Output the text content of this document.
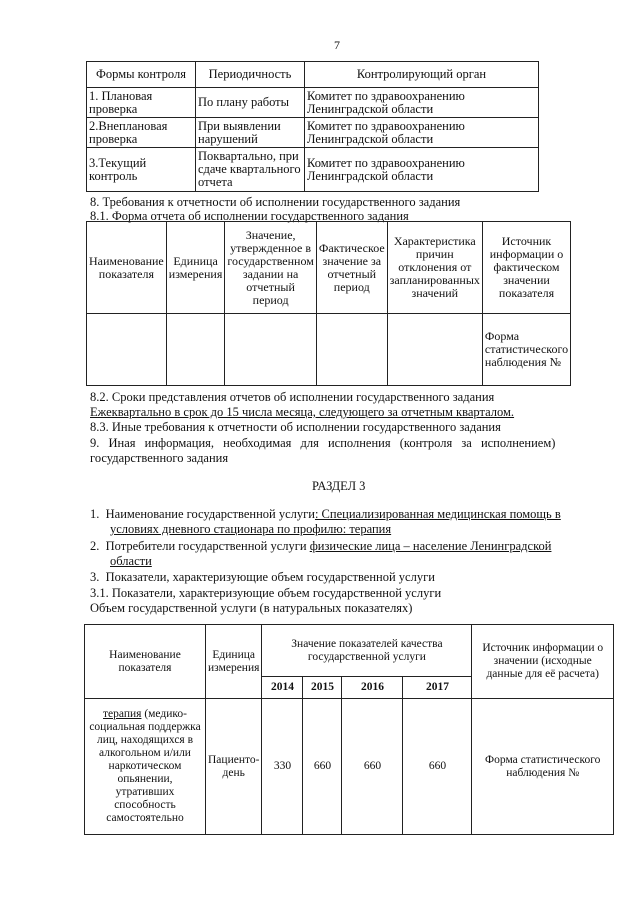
7
Формы контроля	Периодичность	Контролирующий орган
1. Плановая проверка	По плану работы	Комитет по здравоохранению Ленинградской области
2.Внеплановая проверка	При выявлении нарушений	Комитет по здравоохранению Ленинградской области
3.Текущий контроль	Поквартально, при сдаче квартального отчета	Комитет по здравоохранению Ленинградской области
8. Требования к отчетности об исполнении государственного задания
8.1. Форма отчета об исполнении государственного задания
Наименование показателя	Единица измерения	Значение, утвержденное в государственном задании на отчетный период	Фактическое значение за отчетный период	Характеристика причин отклонения от запланированных значений	Источник информации о фактическом значении показателя
					Форма статистического наблюдения №
8.2. Сроки представления отчетов об исполнении государственного задания
Ежеквартально в срок до 15 числа месяца, следующего за отчетным кварталом.
8.3. Иные требования к отчетности об исполнении государственного задания
9. Иная информация, необходимая для исполнения (контроля за исполнением)
государственного задания
РАЗДЕЛ 3
1.  Наименование государственной услуги: Специализированная медицинская помощь в
условиях дневного стационара по профилю: терапия
2.  Потребители государственной услуги физические лица – население Ленинградской
области
3.  Показатели, характеризующие объем государственной услуги
3.1. Показатели, характеризующие объем государственной услуги
Объем государственной услуги (в натуральных показателях)
Наименование показателя	Единица измерения	Значение показателей качества государственной услуги				Источник информации о значении (исходные данные для её расчета)
		2014	2015	2016	2017	
терапия (медико-социальная поддержка лиц, находящихся в алкогольном и/или наркотическом опьянении, утративших способность самостоятельно	Пациенто-день	330	660	660	660	Форма статистического наблюдения №
